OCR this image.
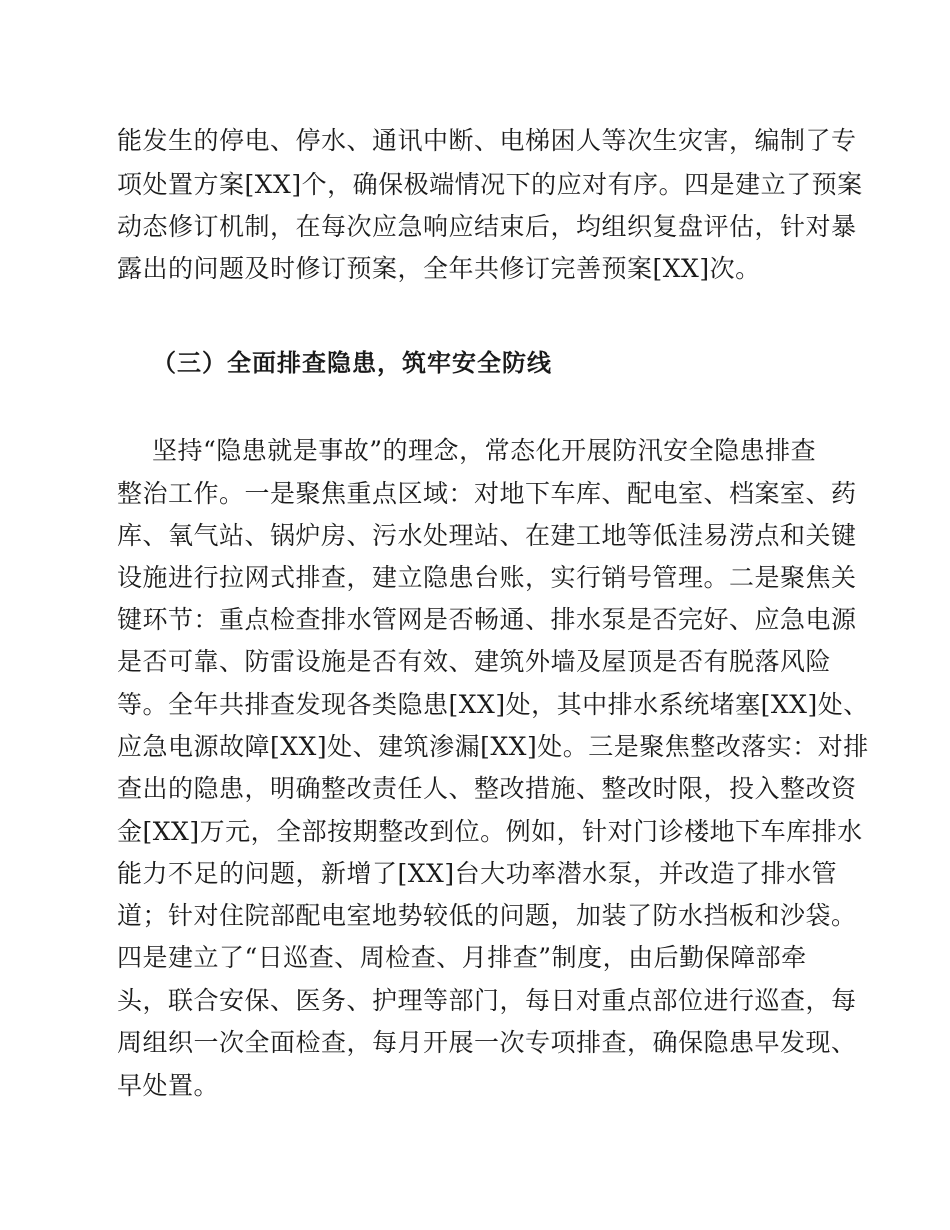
能发生的停电、停水、通讯中断、电梯困人等次生灾害，编制了专
项处置方案[XX]个，确保极端情况下的应对有序。四是建立了预案
动态修订机制，在每次应急响应结束后，均组织复盘评估，针对暴
露出的问题及时修订预案，全年共修订完善预案[XX]次。
（三）全面排查隐患，筑牢安全防线
坚持“隐患就是事故”的理念，常态化开展防汛安全隐患排查
整治工作。一是聚焦重点区域：对地下车库、配电室、档案室、药
库、氧气站、锅炉房、污水处理站、在建工地等低洼易涝点和关键
设施进行拉网式排查，建立隐患台账，实行销号管理。二是聚焦关
键环节：重点检查排水管网是否畅通、排水泵是否完好、应急电源
是否可靠、防雷设施是否有效、建筑外墙及屋顶是否有脱落风险
等。全年共排查发现各类隐患[XX]处，其中排水系统堵塞[XX]处、
应急电源故障[XX]处、建筑渗漏[XX]处。三是聚焦整改落实：对排
查出的隐患，明确整改责任人、整改措施、整改时限，投入整改资
金[XX]万元，全部按期整改到位。例如，针对门诊楼地下车库排水
能力不足的问题，新增了[XX]台大功率潜水泵，并改造了排水管
道；针对住院部配电室地势较低的问题，加装了防水挡板和沙袋。
四是建立了“日巡查、周检查、月排查”制度，由后勤保障部牵
头，联合安保、医务、护理等部门，每日对重点部位进行巡查，每
周组织一次全面检查，每月开展一次专项排查，确保隐患早发现、
早处置。
